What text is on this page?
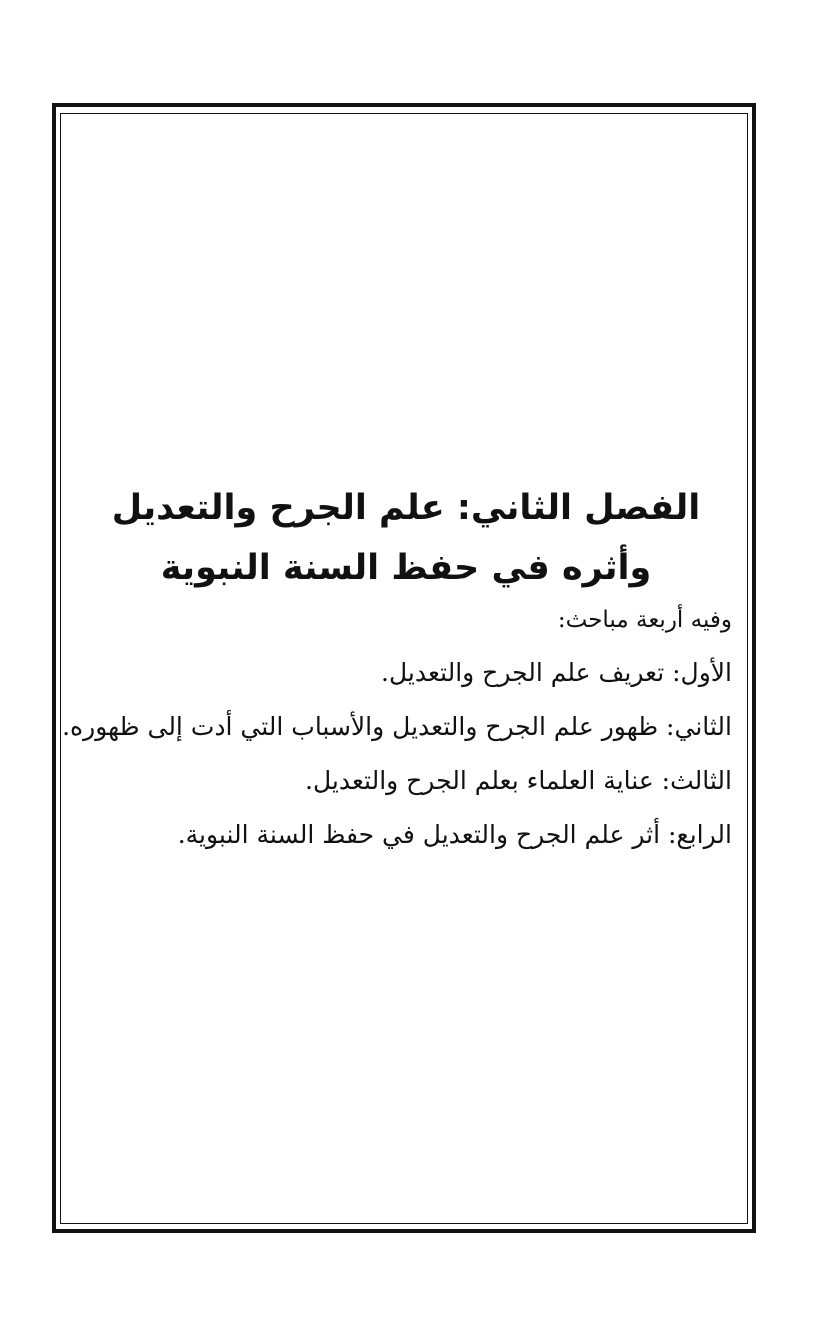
الفصل الثاني: علم الجرح والتعديل وأثره في حفظ السنة النبوية

وفيه أربعة مباحث:

الأول: تعريف علم الجرح والتعديل.

الثاني: ظهور علم الجرح والتعديل والأسباب التي أدت إلى ظهوره.

الثالث: عناية العلماء بعلم الجرح والتعديل.

الرابع: أثر علم الجرح والتعديل في حفظ السنة النبوية.
